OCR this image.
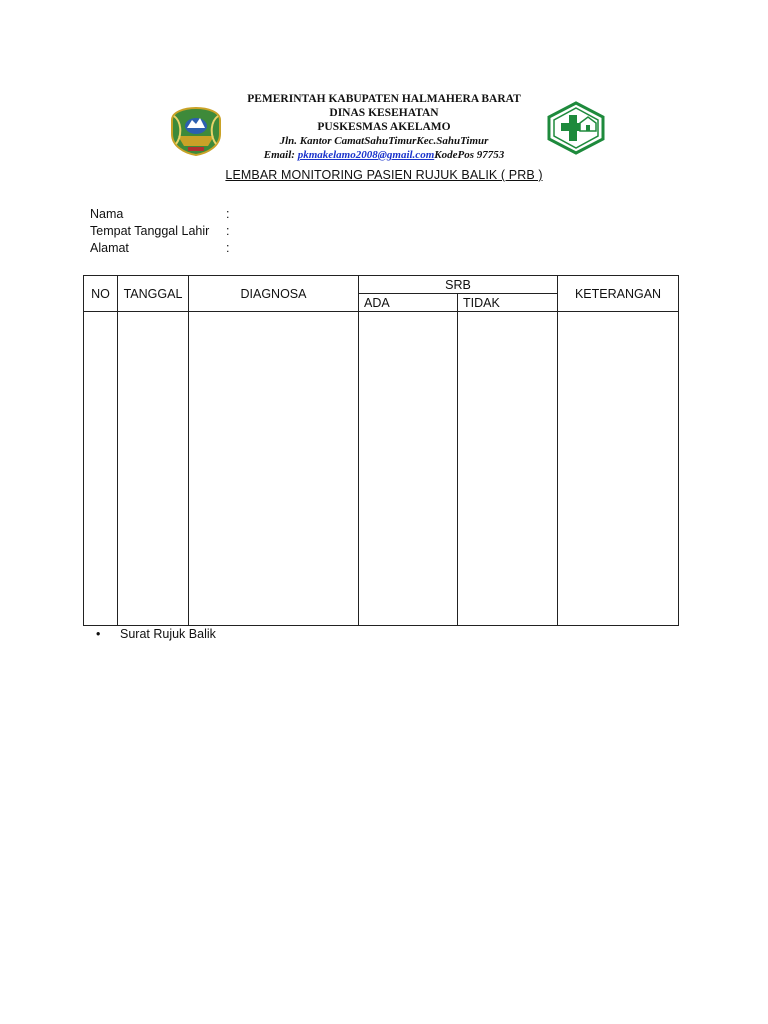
PEMERINTAH KABUPATEN HALMAHERA BARAT
DINAS KESEHATAN
PUSKESMAS AKELAMO
Jln. Kantor CamatSahuTimurKec.SahuTimur
Email: pkmakelamo2008@gmail.comKodePos 97753
LEMBAR MONITORING PASIEN RUJUK BALIK ( PRB )
Nama	:
Tempat Tanggal Lahir :
Alamat	:
NO	TANGGAL	DIAGNOSA	SRB		KETERANGAN
			ADA	TIDAK	

• Surat Rujuk Balik
